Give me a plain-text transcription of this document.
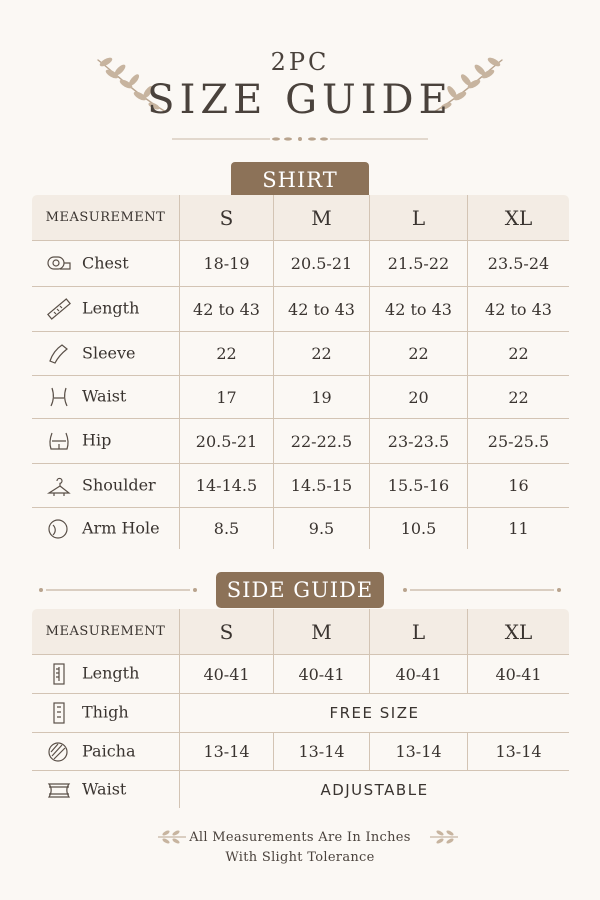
2PC
SIZE GUIDE
SHIRT
MEASUREMENT	S	M	L	XL
Chest	18-19	20.5-21	21.5-22	23.5-24
Length	42 to 43	42 to 43	42 to 43	42 to 43
Sleeve	22	22	22	22
Waist	17	19	20	22
Hip	20.5-21	22-22.5	23-23.5	25-25.5
Shoulder	14-14.5	14.5-15	15.5-16	16
Arm Hole	8.5	9.5	10.5	11
SIDE GUIDE
MEASUREMENT	S	M	L	XL
Length	40-41	40-41	40-41	40-41
Thigh	FREE SIZE			
Paicha	13-14	13-14	13-14	13-14
Waist	ADJUSTABLE			
All Measurements Are In Inches
With Slight Tolerance
